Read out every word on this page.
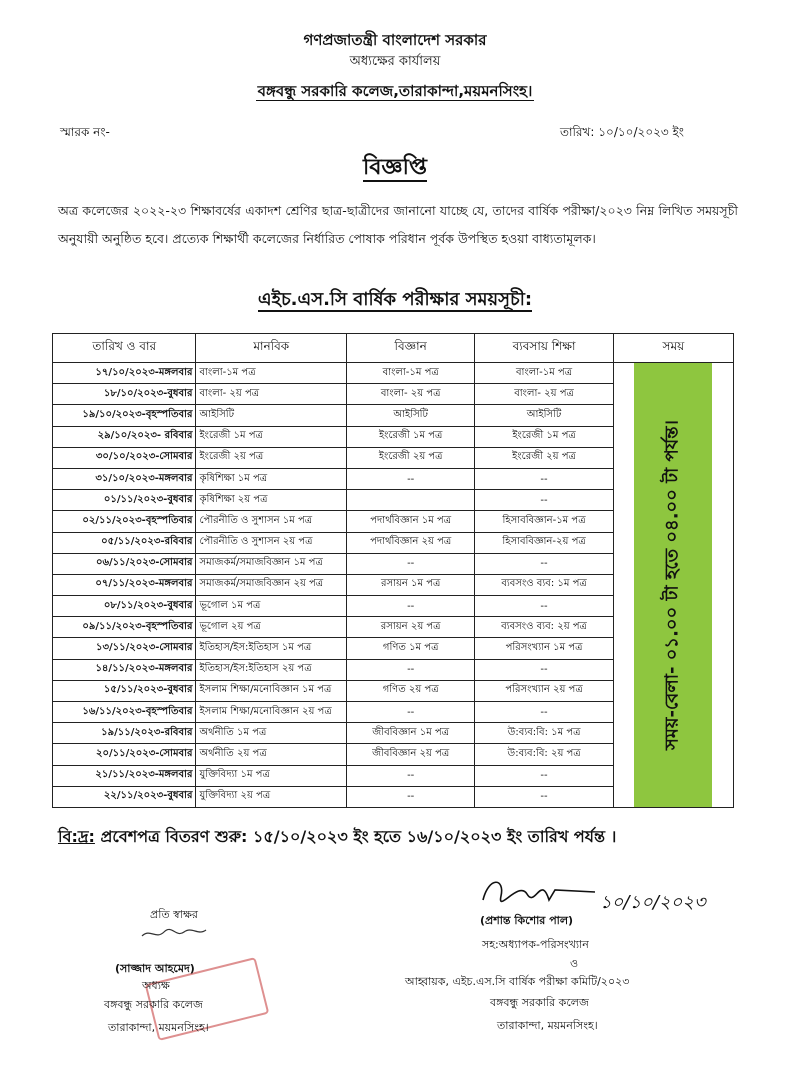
গণপ্রজাতন্ত্রী বাংলাদেশ সরকার
অধ্যক্ষের কার্যালয়
বঙ্গবন্ধু সরকারি কলেজ,তারাকান্দা,ময়মনসিংহ।
স্মারক নং-	তারিখ: ১০/১০/২০২৩ ইং
বিজ্ঞপ্তি
অত্র কলেজের ২০২২-২৩ শিক্ষাবর্ষের একাদশ শ্রেণির ছাত্র-ছাত্রীদের জানানো যাচ্ছে যে, তাদের বার্ষিক পরীক্ষা/২০২৩ নিম্ন লিখিত সময়সূচী অনুযায়ী অনুষ্ঠিত হবে। প্রত্যেক শিক্ষার্থী কলেজের নির্ধারিত পোষাক পরিধান পূর্বক উপস্থিত হওয়া বাধ্যতামূলক।
এইচ.এস.সি বার্ষিক পরীক্ষার সময়সূচী:
তারিখ ও বার	মানবিক	বিজ্ঞান	ব্যবসায় শিক্ষা	সময়
১৭/১০/২০২৩-মঙ্গলবার	বাংলা-১ম পত্র	বাংলা-১ম পত্র	বাংলা-১ম পত্র	সময়-বেলা- ০১.০০ টা হতে ০৪.০০ টা পর্যন্ত।

১৮/১০/২০২৩-বুধবার	বাংলা- ২য় পত্র	বাংলা- ২য় পত্র	বাংলা- ২য় পত্র	
১৯/১০/২০২৩-বৃহস্পতিবার	আইসিটি	আইসিটি	আইসিটি	
২৯/১০/২০২৩- রবিবার	ইংরেজী ১ম পত্র	ইংরেজী ১ম পত্র	ইংরেজী ১ম পত্র	
৩০/১০/২০২৩-সোমবার	ইংরেজী ২য় পত্র	ইংরেজী ২য় পত্র	ইংরেজী ২য় পত্র	
৩১/১০/২০২৩-মঙ্গলবার	কৃষিশিক্ষা ১ম পত্র	--	--	
০১/১১/২০২৩-বুধবার	কৃষিশিক্ষা ২য় পত্র		--	
০২/১১/২০২৩-বৃহস্পতিবার	পৌরনীতি ও সুশাসন ১ম পত্র	পদার্থবিজ্ঞান ১ম পত্র	হিসাববিজ্ঞান-১ম পত্র	
০৫/১১/২০২৩-রবিবার	পৌরনীতি ও সুশাসন ২য় পত্র	পদার্থবিজ্ঞান ২য় পত্র	হিসাববিজ্ঞান-২য় পত্র	
০৬/১১/২০২৩-সোমবার	সমাজকর্ম/সমাজবিজ্ঞান ১ম পত্র	--	--	
০৭/১১/২০২৩-মঙ্গলবার	সমাজকর্ম/সমাজবিজ্ঞান ২য় পত্র	রসায়ন ১ম পত্র	ব্যবসংও ব্যব: ১ম পত্র	
০৮/১১/২০২৩-বুধবার	ভূগোল ১ম পত্র	--	--	
০৯/১১/২০২৩-বৃহস্পতিবার	ভূগোল ২য় পত্র	রসায়ন ২য় পত্র	ব্যবসংও ব্যব: ২য় পত্র	
১৩/১১/২০২৩-সোমবার	ইতিহাস/ইস:ইতিহাস ১ম পত্র	গণিত ১ম পত্র	পরিসংখ্যান ১ম পত্র	
১৪/১১/২০২৩-মঙ্গলবার	ইতিহাস/ইস:ইতিহাস ২য় পত্র	--	--	
১৫/১১/২০২৩-বুধবার	ইসলাম শিক্ষা/মনোবিজ্ঞান ১ম পত্র	গণিত ২য় পত্র	পরিসংখ্যান ২য় পত্র	
১৬/১১/২০২৩-বৃহস্পতিবার	ইসলাম শিক্ষা/মনোবিজ্ঞান ২য় পত্র	--	--	
১৯/১১/২০২৩-রবিবার	অর্থনীতি ১ম পত্র	জীববিজ্ঞান ১ম পত্র	উ:ব্যব:বি: ১ম পত্র	
২০/১১/২০২৩-সোমবার	অর্থনীতি ২য় পত্র	জীববিজ্ঞান ২য় পত্র	উ:ব্যব:বি: ২য় পত্র	
২১/১১/২০২৩-মঙ্গলবার	যুক্তিবিদ্যা ১ম পত্র	--	--	
২২/১১/২০২৩-বুধবার	যুক্তিবিদ্যা ২য় পত্র	--	--	
বি:দ্র: প্রবেশপত্র বিতরণ শুরু: ১৫/১০/২০২৩ ইং হতে ১৬/১০/২০২৩ ইং তারিখ পর্যন্ত ।
প্রতি স্বাক্ষর
(সাজ্জাদ আহমেদ)
অধ্যক্ষ
বঙ্গবন্ধু সরকারি কলেজ
তারাকান্দা, ময়মনসিংহ।
১০/১০/২০২৩
(প্রশান্ত কিশোর পাল)
সহ:অধ্যাপক-পরিসংখ্যান
ও
আহ্বায়ক, এইচ.এস.সি বার্ষিক পরীক্ষা কমিটি/২০২৩
বঙ্গবন্ধু সরকারি কলেজ
তারাকান্দা, ময়মনসিংহ।
